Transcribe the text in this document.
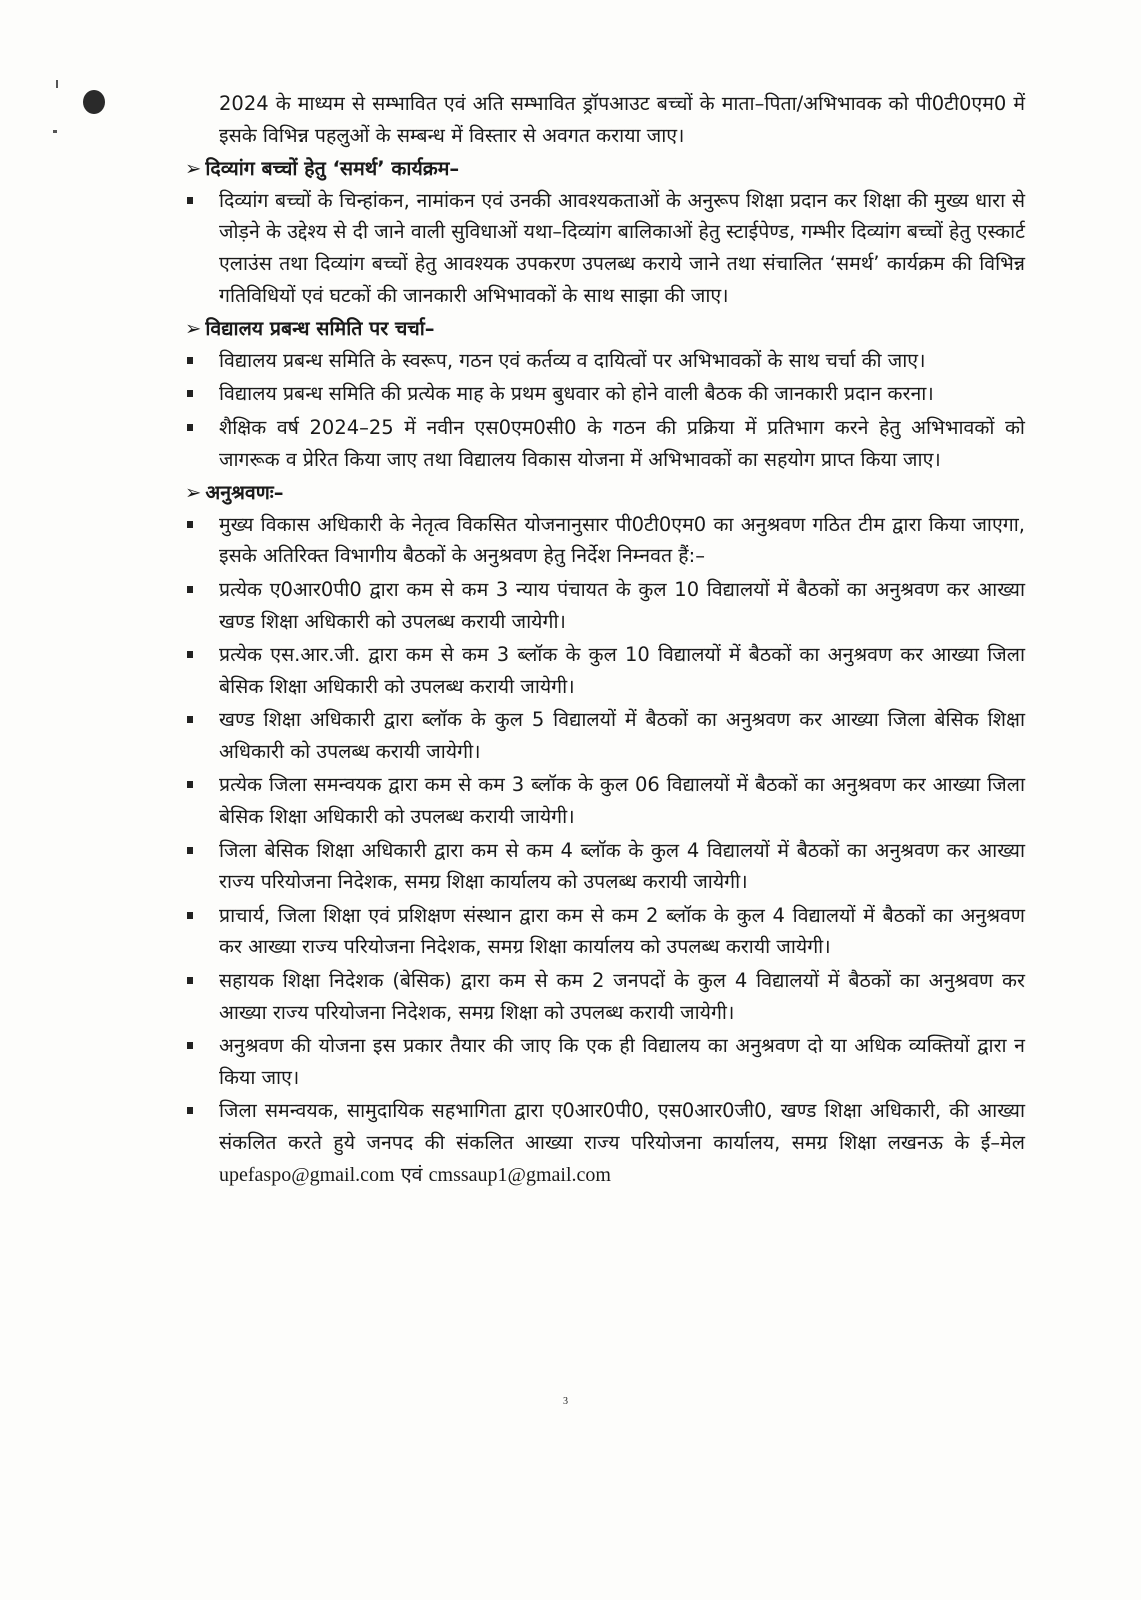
2024 के माध्यम से सम्भावित एवं अति सम्भावित ड्रॉपआउट बच्चों के माता–पिता/अभिभावक को पी0टी0एम0 में इसके विभिन्न पहलुओं के सम्बन्ध में विस्तार से अवगत कराया जाए।
➢ दिव्यांग बच्चों हेतु ‘समर्थ’ कार्यक्रम–
दिव्यांग बच्चों के चिन्हांकन, नामांकन एवं उनकी आवश्यकताओं के अनुरूप शिक्षा प्रदान कर शिक्षा की मुख्य धारा से जोड़ने के उद्देश्य से दी जाने वाली सुविधाओं यथा–दिव्यांग बालिकाओं हेतु स्टाईपेण्ड, गम्भीर दिव्यांग बच्चों हेतु एस्कार्ट एलाउंस तथा दिव्यांग बच्चों हेतु आवश्यक उपकरण उपलब्ध कराये जाने तथा संचालित ‘समर्थ’ कार्यक्रम की विभिन्न गतिविधियों एवं घटकों की जानकारी अभिभावकों के साथ साझा की जाए।
➢ विद्यालय प्रबन्ध समिति पर चर्चा–
विद्यालय प्रबन्ध समिति के स्वरूप, गठन एवं कर्तव्य व दायित्वों पर अभिभावकों के साथ चर्चा की जाए।
विद्यालय प्रबन्ध समिति की प्रत्येक माह के प्रथम बुधवार को होने वाली बैठक की जानकारी प्रदान करना।
शैक्षिक वर्ष 2024–25 में नवीन एस0एम0सी0 के गठन की प्रक्रिया में प्रतिभाग करने हेतु अभिभावकों को जागरूक व प्रेरित किया जाए तथा विद्यालय विकास योजना में अभिभावकों का सहयोग प्राप्त किया जाए।
➢ अनुश्रवणः–
मुख्य विकास अधिकारी के नेतृत्व विकसित योजनानुसार पी0टी0एम0 का अनुश्रवण गठित टीम द्वारा किया जाएगा, इसके अतिरिक्त विभागीय बैठकों के अनुश्रवण हेतु निर्देश निम्नवत हैं:–
प्रत्येक ए0आर0पी0 द्वारा कम से कम 3 न्याय पंचायत के कुल 10 विद्यालयों में बैठकों का अनुश्रवण कर आख्या खण्ड शिक्षा अधिकारी को उपलब्ध करायी जायेगी।
प्रत्येक एस.आर.जी. द्वारा कम से कम 3 ब्लॉक के कुल 10 विद्यालयों में बैठकों का अनुश्रवण कर आख्या जिला बेसिक शिक्षा अधिकारी को उपलब्ध करायी जायेगी।
खण्ड शिक्षा अधिकारी द्वारा ब्लॉक के कुल 5 विद्यालयों में बैठकों का अनुश्रवण कर आख्या जिला बेसिक शिक्षा अधिकारी को उपलब्ध करायी जायेगी।
प्रत्येक जिला समन्वयक द्वारा कम से कम 3 ब्लॉक के कुल 06 विद्यालयों में बैठकों का अनुश्रवण कर आख्या जिला बेसिक शिक्षा अधिकारी को उपलब्ध करायी जायेगी।
जिला बेसिक शिक्षा अधिकारी द्वारा कम से कम 4 ब्लॉक के कुल 4 विद्यालयों में बैठकों का अनुश्रवण कर आख्या राज्य परियोजना निदेशक, समग्र शिक्षा कार्यालय को उपलब्ध करायी जायेगी।
प्राचार्य, जिला शिक्षा एवं प्रशिक्षण संस्थान द्वारा कम से कम 2 ब्लॉक के कुल 4 विद्यालयों में बैठकों का अनुश्रवण कर आख्या राज्य परियोजना निदेशक, समग्र शिक्षा कार्यालय को उपलब्ध करायी जायेगी।
सहायक शिक्षा निदेशक (बेसिक) द्वारा कम से कम 2 जनपदों के कुल 4 विद्यालयों में बैठकों का अनुश्रवण कर आख्या राज्य परियोजना निदेशक, समग्र शिक्षा को उपलब्ध करायी जायेगी।
अनुश्रवण की योजना इस प्रकार तैयार की जाए कि एक ही विद्यालय का अनुश्रवण दो या अधिक व्यक्तियों द्वारा न किया जाए।
जिला समन्वयक, सामुदायिक सहभागिता द्वारा ए0आर0पी0, एस0आर0जी0, खण्ड शिक्षा अधिकारी, की आख्या संकलित करते हुये जनपद की संकलित आख्या राज्य परियोजना कार्यालय, समग्र शिक्षा लखनऊ के ई–मेल upefaspo@gmail.com एवं cmssaup1@gmail.com
3
